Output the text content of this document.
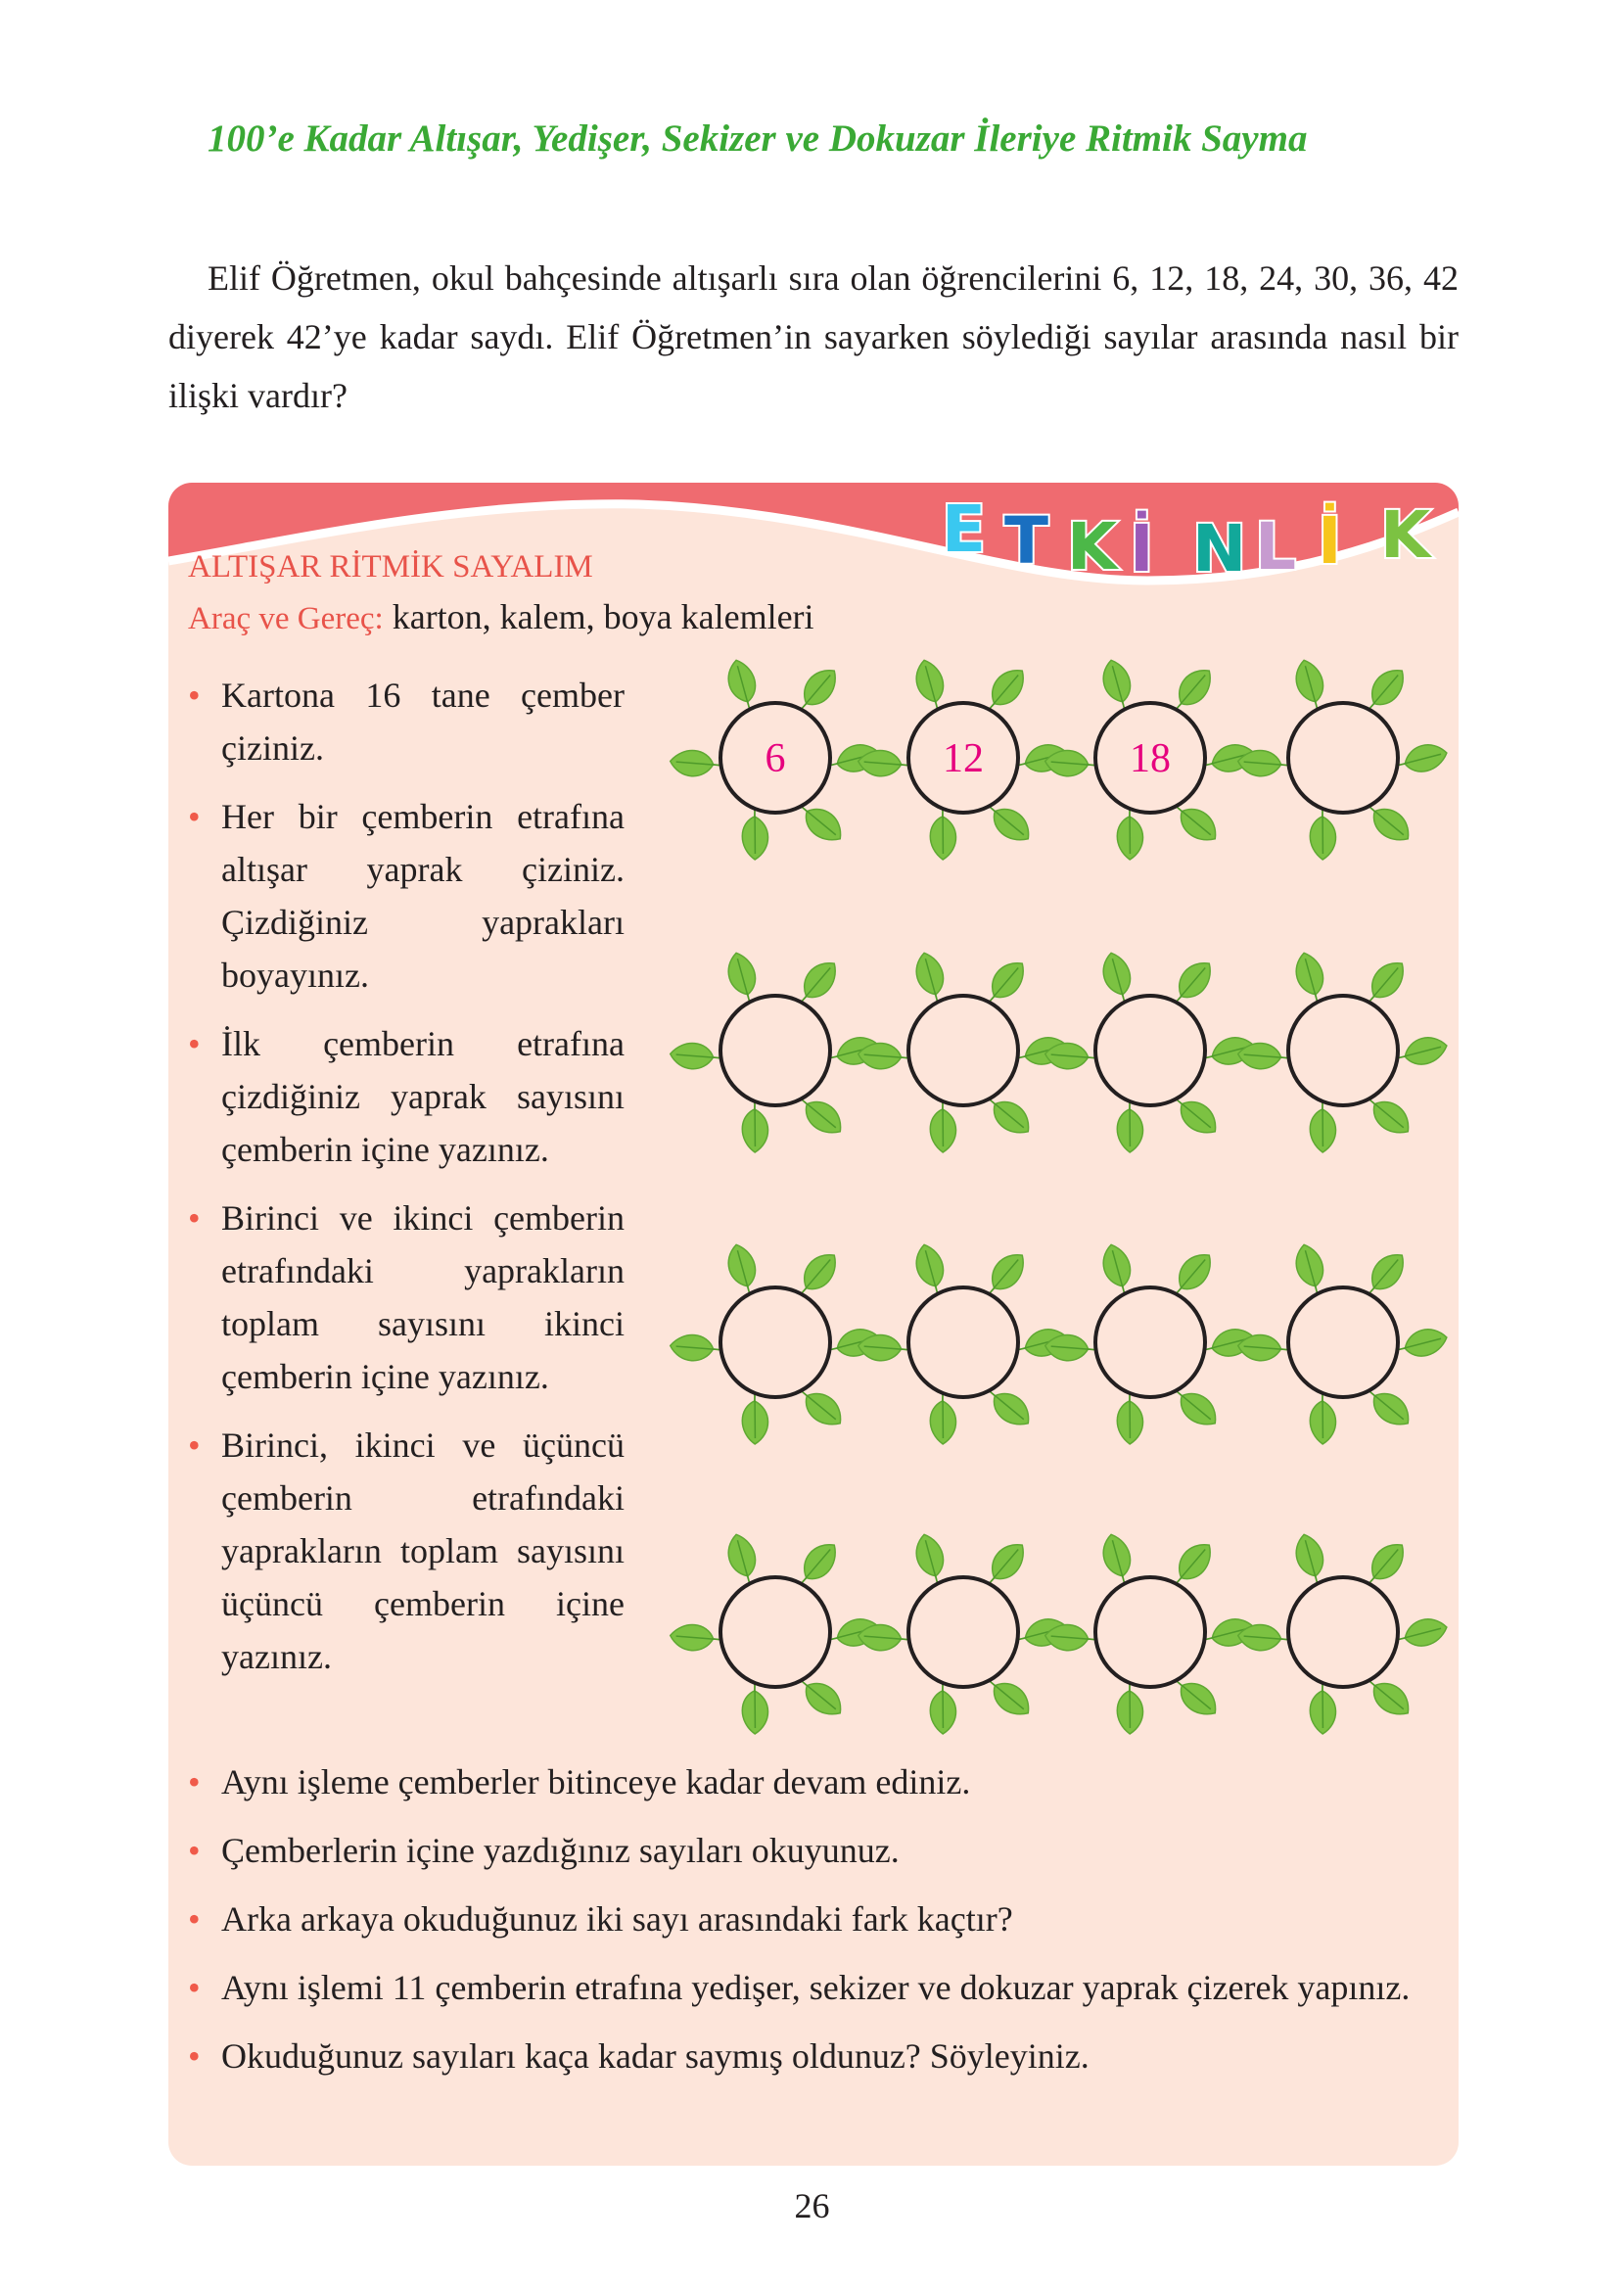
100’e Kadar Altışar, Yedişer, Sekizer ve Dokuzar İleriye Ritmik Sayma

Elif Öğretmen, okul bahçesinde altışarlı sıra olan öğrencilerini 6, 12, 18, 24, 30, 36, 42 diyerek 42’ye kadar saydı. Elif Öğretmen’in sayarken söylediği sayılar arasında nasıl bir ilişki vardır?

E T K İ N L İ K
ALTIŞAR RİTMİK SAYALIM
Araç ve Gereç: karton, kalem, boya kalemleri
• Kartona 16 tane çember çiziniz.
• Her bir çemberin etrafına altışar yaprak çiziniz. Çizdiğiniz yaprakları boyayınız.
• İlk çemberin etrafına çizdiğiniz yaprak sayısını çemberin içine yazınız.
• Birinci ve ikinci çemberin etrafındaki yaprakların toplam sayısını ikinci çemberin içine yazınız.
• Birinci, ikinci ve üçüncü çemberin etrafındaki yaprakların toplam sayısını üçüncü çemberin içine yazınız.
6	12	18
• Aynı işleme çemberler bitinceye kadar devam ediniz.
• Çemberlerin içine yazdığınız sayıları okuyunuz.
• Arka arkaya okuduğunuz iki sayı arasındaki fark kaçtır?
• Aynı işlemi 11 çemberin etrafına yedişer, sekizer ve dokuzar yaprak çizerek yapınız.
• Okuduğunuz sayıları kaça kadar saymış oldunuz? Söyleyiniz.
26
